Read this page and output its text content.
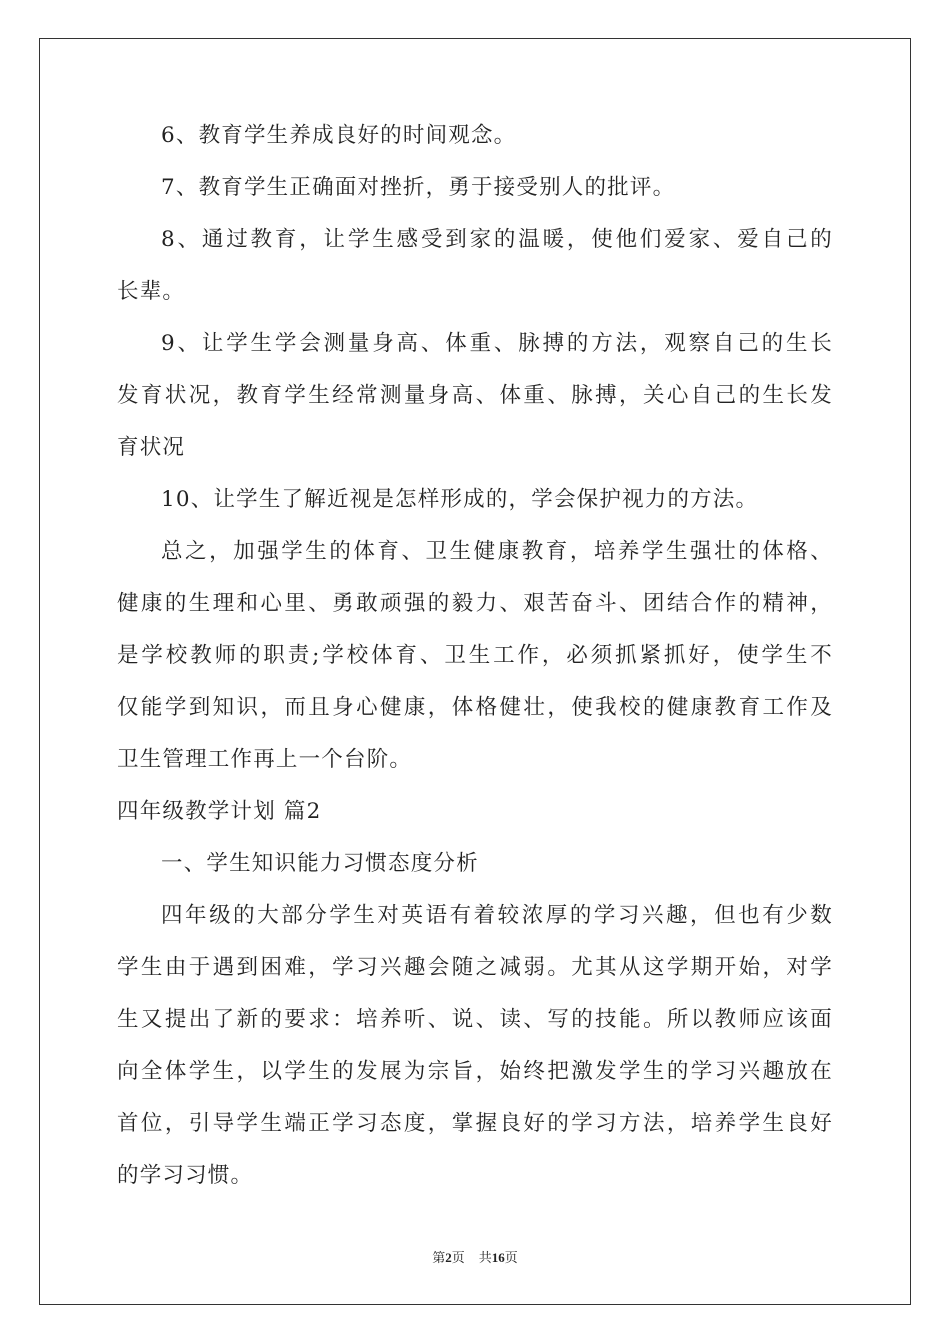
6、教育学生养成良好的时间观念。
7、教育学生正确面对挫折，勇于接受别人的批评。
8、通过教育，让学生感受到家的温暖，使他们爱家、爱自己的
长辈。
9、让学生学会测量身高、体重、脉搏的方法，观察自己的生长
发育状况，教育学生经常测量身高、体重、脉搏，关心自己的生长发
育状况
10、让学生了解近视是怎样形成的，学会保护视力的方法。
总之，加强学生的体育、卫生健康教育，培养学生强壮的体格、
健康的生理和心里、勇敢顽强的毅力、艰苦奋斗、团结合作的精神，
是学校教师的职责;学校体育、卫生工作，必须抓紧抓好，使学生不
仅能学到知识，而且身心健康，体格健壮，使我校的健康教育工作及
卫生管理工作再上一个台阶。
四年级教学计划 篇2
一、学生知识能力习惯态度分析
四年级的大部分学生对英语有着较浓厚的学习兴趣，但也有少数
学生由于遇到困难，学习兴趣会随之减弱。尤其从这学期开始，对学
生又提出了新的要求：培养听、说、读、写的技能。所以教师应该面
向全体学生，以学生的发展为宗旨，始终把激发学生的学习兴趣放在
首位，引导学生端正学习态度，掌握良好的学习方法，培养学生良好
的学习习惯。
第2页 共16页
